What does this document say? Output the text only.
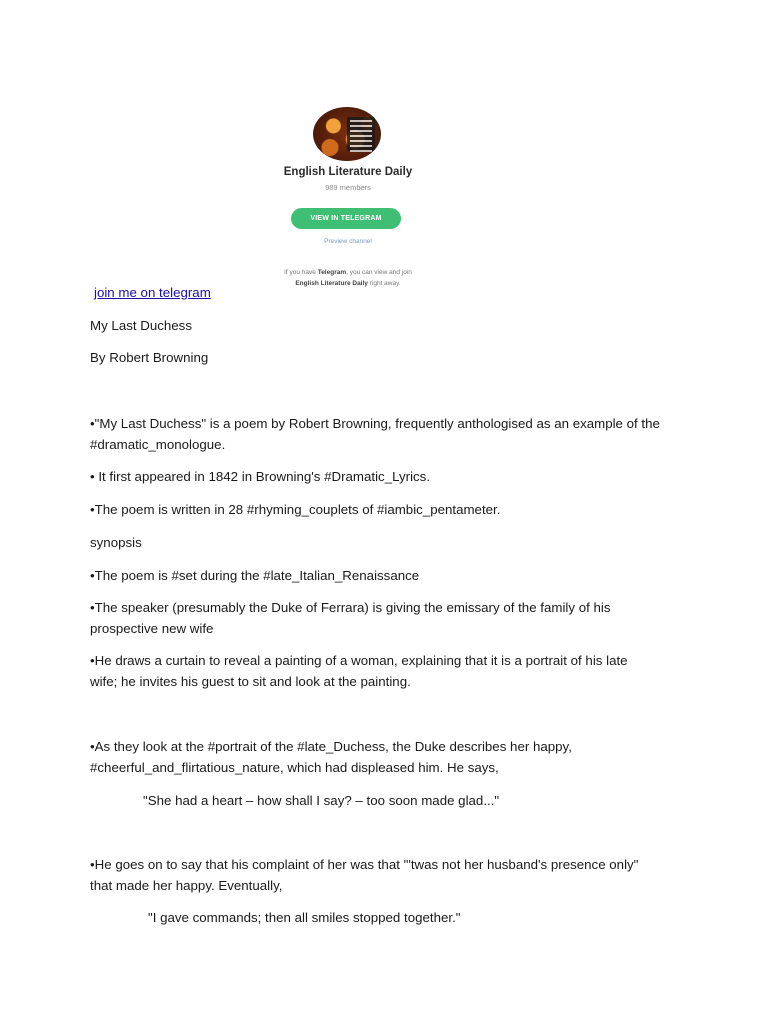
English Literature Daily
989 members
VIEW IN TELEGRAM
Preview channel
If you have Telegram, you can view and join
English Literature Daily right away.
join me on telegram
My Last Duchess
By Robert Browning
•"My Last Duchess" is a poem by Robert Browning, frequently anthologised as an example of the
#dramatic_monologue.
• It first appeared in 1842 in Browning's #Dramatic_Lyrics.
•The poem is written in 28 #rhyming_couplets of #iambic_pentameter.
synopsis
•The poem is #set during the #late_Italian_Renaissance
•The speaker (presumably the Duke of Ferrara) is giving the emissary of the family of his
prospective new wife
•He draws a curtain to reveal a painting of a woman, explaining that it is a portrait of his late
wife; he invites his guest to sit and look at the painting.
•As they look at the #portrait of the #late_Duchess, the Duke describes her happy,
#cheerful_and_flirtatious_nature, which had displeased him. He says,
"She had a heart – how shall I say? – too soon made glad..."
•He goes on to say that his complaint of her was that "'twas not her husband's presence only"
that made her happy. Eventually,
"I gave commands; then all smiles stopped together."
